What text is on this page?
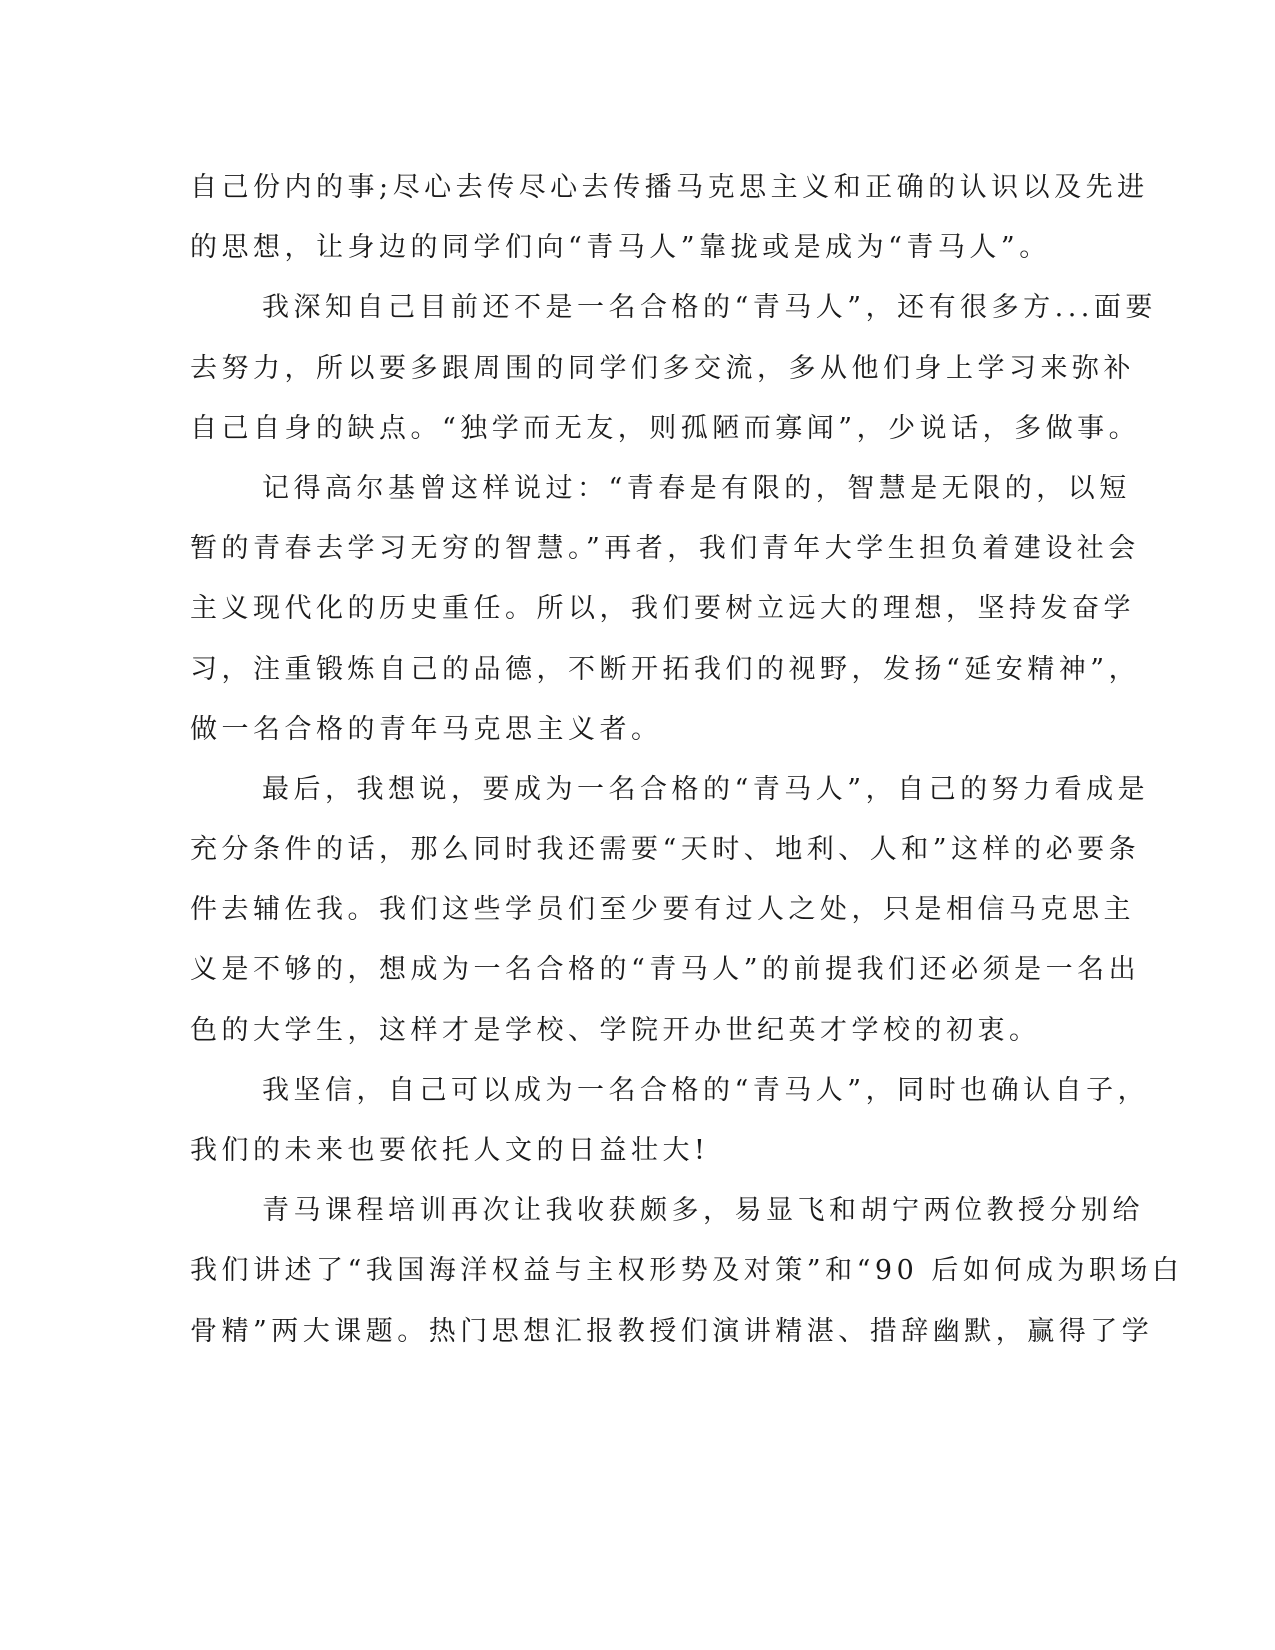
自己份内的事;尽心去传尽心去传播马克思主义和正确的认识以及先进
的思想，让身边的同学们向“青马人”靠拢或是成为“青马人”。
我深知自己目前还不是一名合格的“青马人”，还有很多方...面要
去努力，所以要多跟周围的同学们多交流，多从他们身上学习来弥补
自己自身的缺点。“独学而无友，则孤陋而寡闻”，少说话，多做事。
记得高尔基曾这样说过：“青春是有限的，智慧是无限的，以短
暂的青春去学习无穷的智慧。”再者，我们青年大学生担负着建设社会
主义现代化的历史重任。所以，我们要树立远大的理想，坚持发奋学
习，注重锻炼自己的品德，不断开拓我们的视野，发扬“延安精神”，
做一名合格的青年马克思主义者。
最后，我想说，要成为一名合格的“青马人”，自己的努力看成是
充分条件的话，那么同时我还需要“天时、地利、人和”这样的必要条
件去辅佐我。我们这些学员们至少要有过人之处，只是相信马克思主
义是不够的，想成为一名合格的“青马人”的前提我们还必须是一名出
色的大学生，这样才是学校、学院开办世纪英才学校的初衷。
我坚信，自己可以成为一名合格的“青马人”，同时也确认自子，
我们的未来也要依托人文的日益壮大!
青马课程培训再次让我收获颇多，易显飞和胡宁两位教授分别给
我们讲述了“我国海洋权益与主权形势及对策”和“90 后如何成为职场白
骨精”两大课题。热门思想汇报教授们演讲精湛、措辞幽默，赢得了学
